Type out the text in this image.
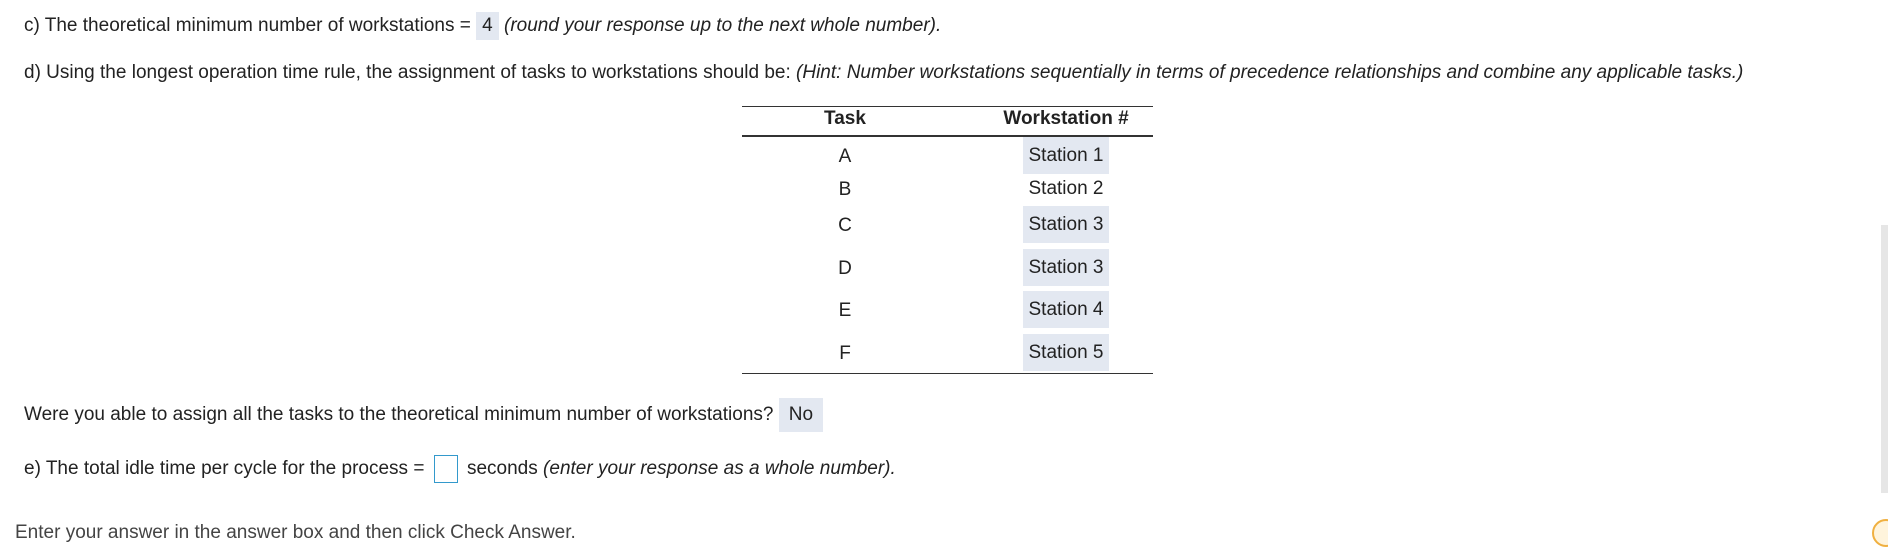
c) The theoretical minimum number of workstations = 4 (round your response up to the next whole number).
d) Using the longest operation time rule, the assignment of tasks to workstations should be: (Hint: Number workstations sequentially in terms of precedence relationships and combine any applicable tasks.)
Task	Workstation #
A	Station 1
B	Station 2
C	Station 3
D	Station 3
E	Station 4
F	Station 5
Were you able to assign all the tasks to the theoretical minimum number of workstations? No
e) The total idle time per cycle for the process = seconds (enter your response as a whole number).
Enter your answer in the answer box and then click Check Answer.
